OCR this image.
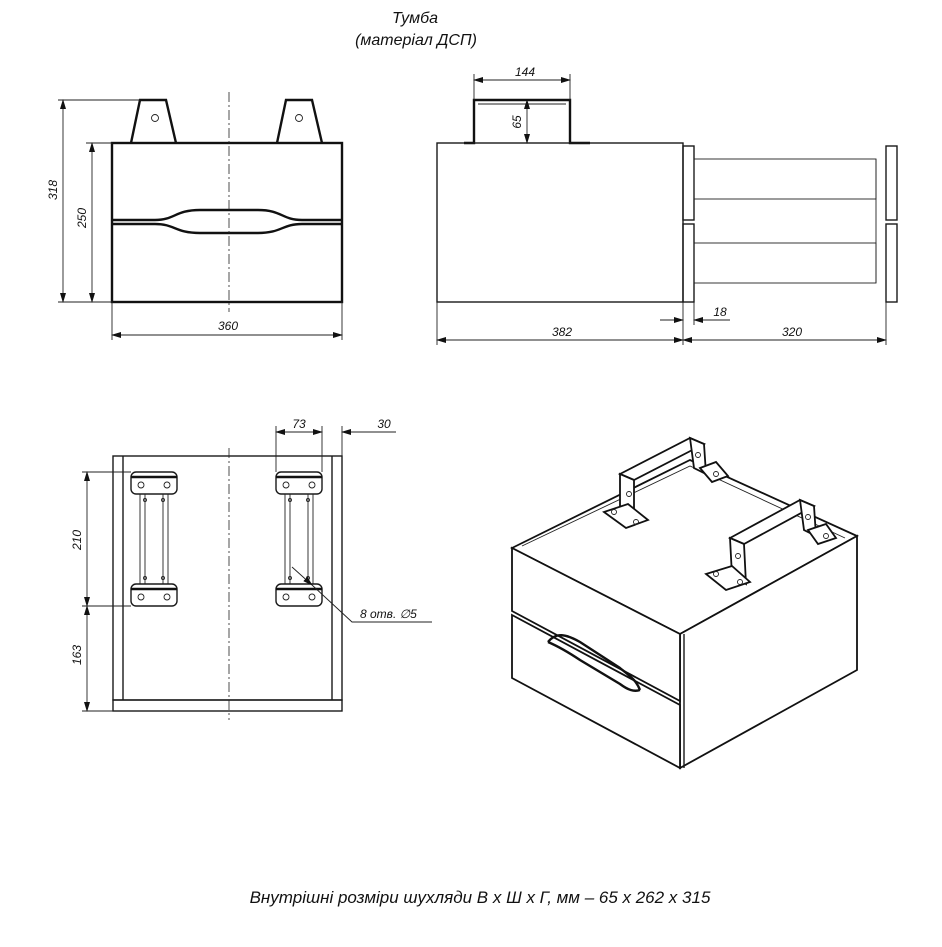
Тумба
(матеріал ДСП)
318
250
360
144
65
382
18
320
73	30
210
163
8 отв. ∅5
Внутрішні розміри шухляди В х Ш х Г, мм – 65 х 262 х 315
